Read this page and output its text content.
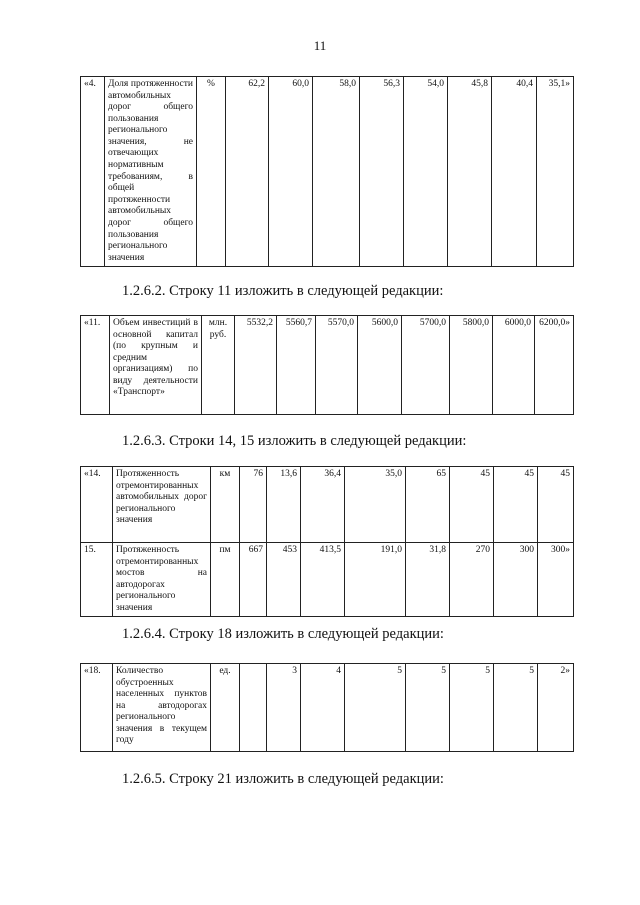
11
«4.	Доля протяженности автомобильных дорог общего пользования регионального значения, не отвечающих нормативным требованиям, в общей протяженности автомобильных дорог общего пользования регионального значения	%	62,2	60,0	58,0	56,3	54,0	45,8	40,4	35,1»
1.2.6.2. Строку 11 изложить в следующей редакции:
«11.	Объем инвестиций в основной капитал (по крупным и средним организациям) по виду деятельности «Транспорт»	млн. руб.	5532,2	5560,7	5570,0	5600,0	5700,0	5800,0	6000,0	6200,0»
1.2.6.3. Строки 14, 15 изложить в следующей редакции:
«14.	Протяженность отремонтированных автомобильных дорог регионального значения	км	76	13,6	36,4	35,0	65	45	45	45
15.	Протяженность отремонтированных мостов на автодорогах регионального значения	пм	667	453	413,5	191,0	31,8	270	300	300»
1.2.6.4. Строку 18 изложить в следующей редакции:
«18.	Количество обустроенных населенных пунктов на автодорогах регионального значения в текущем году	ед.		3	4	5	5	5	5	2»
1.2.6.5. Строку 21 изложить в следующей редакции:
